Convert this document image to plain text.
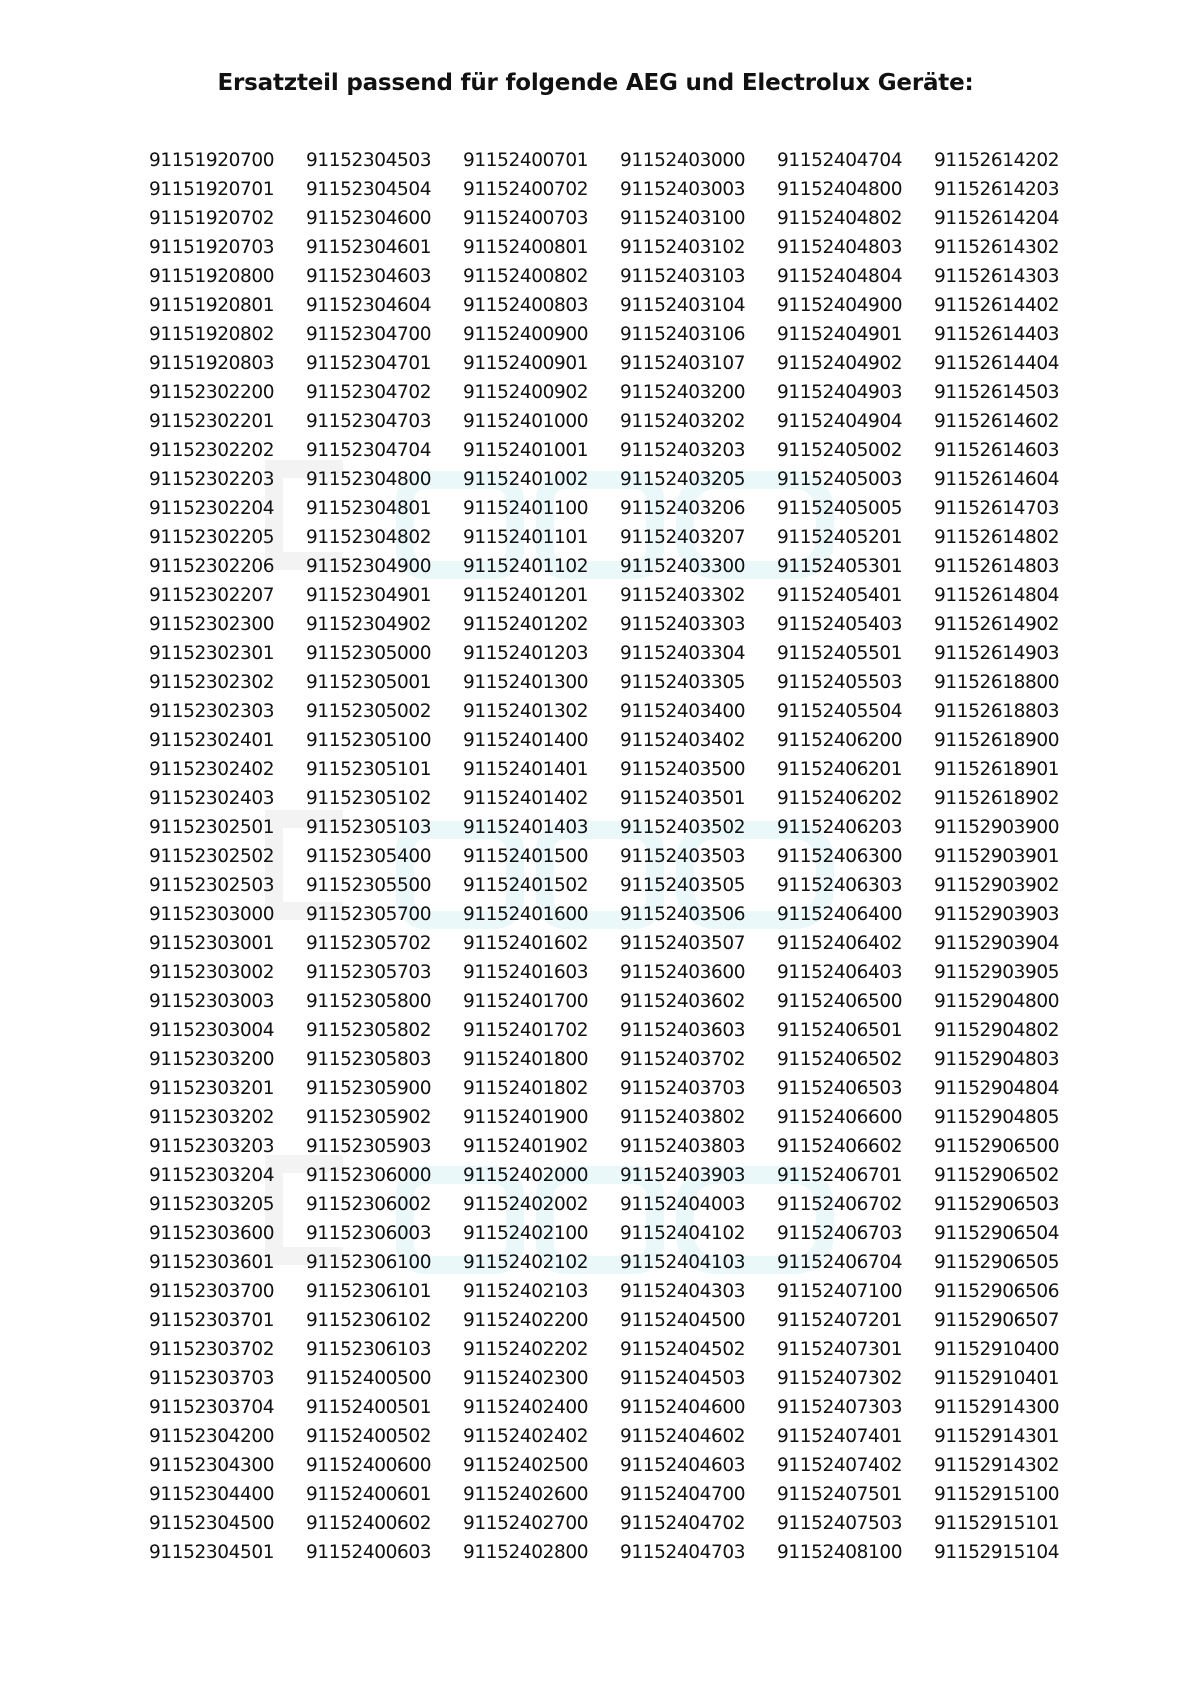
Ersatzteil passend für folgende AEG und Electrolux Geräte:
91151920700
91151920701
91151920702
91151920703
91151920800
91151920801
91151920802
91151920803
91152302200
91152302201
91152302202
91152302203
91152302204
91152302205
91152302206
91152302207
91152302300
91152302301
91152302302
91152302303
91152302401
91152302402
91152302403
91152302501
91152302502
91152302503
91152303000
91152303001
91152303002
91152303003
91152303004
91152303200
91152303201
91152303202
91152303203
91152303204
91152303205
91152303600
91152303601
91152303700
91152303701
91152303702
91152303703
91152303704
91152304200
91152304300
91152304400
91152304500
91152304501
91152304503
91152304504
91152304600
91152304601
91152304603
91152304604
91152304700
91152304701
91152304702
91152304703
91152304704
91152304800
91152304801
91152304802
91152304900
91152304901
91152304902
91152305000
91152305001
91152305002
91152305100
91152305101
91152305102
91152305103
91152305400
91152305500
91152305700
91152305702
91152305703
91152305800
91152305802
91152305803
91152305900
91152305902
91152305903
91152306000
91152306002
91152306003
91152306100
91152306101
91152306102
91152306103
91152400500
91152400501
91152400502
91152400600
91152400601
91152400602
91152400603
91152400701
91152400702
91152400703
91152400801
91152400802
91152400803
91152400900
91152400901
91152400902
91152401000
91152401001
91152401002
91152401100
91152401101
91152401102
91152401201
91152401202
91152401203
91152401300
91152401302
91152401400
91152401401
91152401402
91152401403
91152401500
91152401502
91152401600
91152401602
91152401603
91152401700
91152401702
91152401800
91152401802
91152401900
91152401902
91152402000
91152402002
91152402100
91152402102
91152402103
91152402200
91152402202
91152402300
91152402400
91152402402
91152402500
91152402600
91152402700
91152402800
91152403000
91152403003
91152403100
91152403102
91152403103
91152403104
91152403106
91152403107
91152403200
91152403202
91152403203
91152403205
91152403206
91152403207
91152403300
91152403302
91152403303
91152403304
91152403305
91152403400
91152403402
91152403500
91152403501
91152403502
91152403503
91152403505
91152403506
91152403507
91152403600
91152403602
91152403603
91152403702
91152403703
91152403802
91152403803
91152403903
91152404003
91152404102
91152404103
91152404303
91152404500
91152404502
91152404503
91152404600
91152404602
91152404603
91152404700
91152404702
91152404703
91152404704
91152404800
91152404802
91152404803
91152404804
91152404900
91152404901
91152404902
91152404903
91152404904
91152405002
91152405003
91152405005
91152405201
91152405301
91152405401
91152405403
91152405501
91152405503
91152405504
91152406200
91152406201
91152406202
91152406203
91152406300
91152406303
91152406400
91152406402
91152406403
91152406500
91152406501
91152406502
91152406503
91152406600
91152406602
91152406701
91152406702
91152406703
91152406704
91152407100
91152407201
91152407301
91152407302
91152407303
91152407401
91152407402
91152407501
91152407503
91152408100
91152614202
91152614203
91152614204
91152614302
91152614303
91152614402
91152614403
91152614404
91152614503
91152614602
91152614603
91152614604
91152614703
91152614802
91152614803
91152614804
91152614902
91152614903
91152618800
91152618803
91152618900
91152618901
91152618902
91152903900
91152903901
91152903902
91152903903
91152903904
91152903905
91152904800
91152904802
91152904803
91152904804
91152904805
91152906500
91152906502
91152906503
91152906504
91152906505
91152906506
91152906507
91152910400
91152910401
91152914300
91152914301
91152914302
91152915100
91152915101
91152915104
